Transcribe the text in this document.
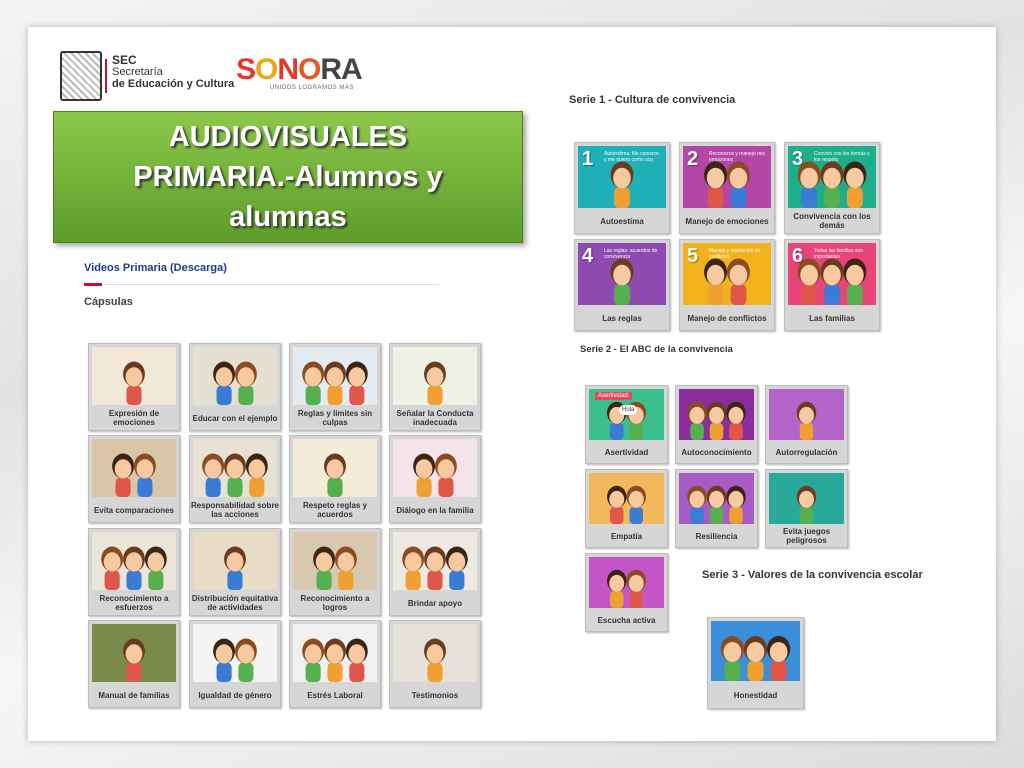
SEC
Secretaría
de Educación y Cultura SONORA
UNIDOS LOGRAMOS MÁS
AUDIOVISUALES
PRIMARIA.-Alumnos y
alumnas
Videos Primaria (Descarga)
Cápsulas
Expresión de emociones	Educar con el ejemplo	Reglas y límites sin culpas
Señalar la Conducta inadecuada
Evita comparaciones	Responsabilidad sobre las acciones
Respeto reglas y acuerdos	Diálogo en la familia
Reconocimiento a esfuerzos
Distribución equitativa de actividades
Reconocimiento a logros	Brindar apoyo
Manual de familias	Igualdad de género	Estrés Laboral	Testimonios
Serie 1 - Cultura de convivencia
1 Autoestima. Me conozco y me quiero como soy.
Autoestima
2 Reconozco y manejo mis emociones
Manejo de emociones
3 Convivo con los demás y los respeto
Convivencia con los demás
4 Las reglas: acuerdos de convivencia
Las reglas
5 Manejo y resolución de conflictos
Manejo de conflictos
6 Todas las familias son importantes
Las familias
Serie 2 - El ABC de la convivencia
Asertividad:
Hola
Asertividad	Autoconocimiento	Autorregulación
Empatía	Resiliencia	Evita juegos peligrosos
Escucha activa
Serie 3 - Valores de la convivencia escolar
Honestidad
